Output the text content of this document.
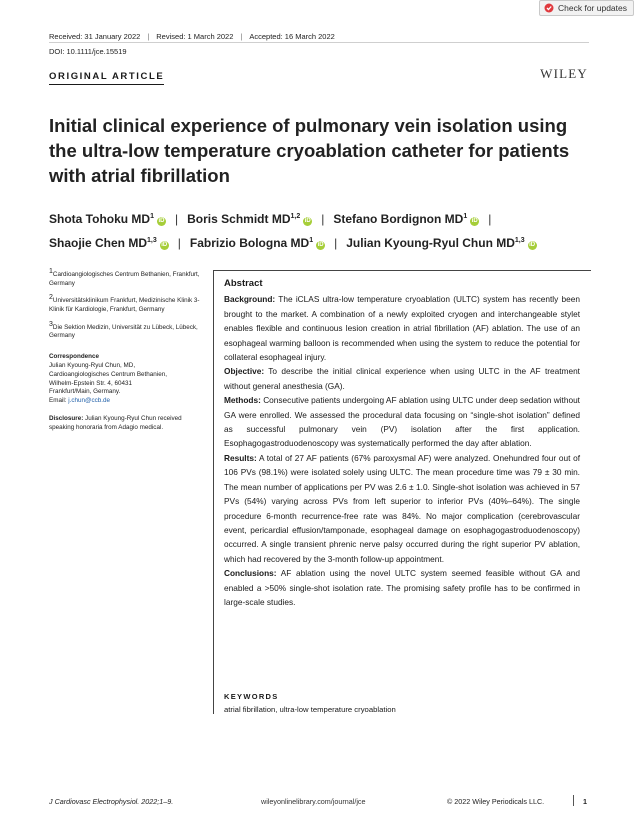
Check for updates
Received: 31 January 2022 | Revised: 1 March 2022 | Accepted: 16 March 2022
DOI: 10.1111/jce.15519
ORIGINAL ARTICLE	WILEY
Initial clinical experience of pulmonary vein isolation using the ultra-low temperature cryoablation catheter for patients with atrial fibrillation
Shota Tohoku $MD^1iD$ | Boris Schmidt MD$^{1,2}$iD | Stefano Bordignon $MD^1iD$ |
Shaojie Chen MD$^{1,3}$iD | Fabrizio Bologna $MD^1iD$ | Julian Kyoung-Ryul Chun MD$^{1,3}$iD

$^1$Cardioangiologisches Centrum Bethanien, Frankfurt, Germany

$^2$Universitätsklinikum Frankfurt, Medizinische Klinik 3- Klinik für Kardiologie, Frankfurt, Germany

$^3$Die Sektion Medizin, Universität zu Lübeck, Lübeck, Germany

Correspondence
Julian Kyoung-Ryul Chun, MD,
Cardioangiologisches Centrum Bethanien,
Wilhelm-Epstein Str. 4, 60431
Frankfurt/Main, Germany.
Email: j.chun@ccb.de

Disclosure: Julian Kyoung-Ryul Chun received speaking honoraria from Adagio medical.

Abstract

Background: The iCLAS ultra-low temperature cryoablation (ULTC) system has recently been brought to the market. A combination of a newly exploited cryogen and interchangeable stylet enables flexible and continuous lesion creation in atrial fibrillation (AF) ablation. The use of an esophageal warming balloon is recommended when using the system to reduce the potential for collateral esophageal injury.

Objective: To describe the initial clinical experience when using ULTC in the AF treatment without general anesthesia (GA).

Methods: Consecutive patients undergoing AF ablation using ULTC under deep sedation without GA were enrolled. We assessed the procedural data focusing on “single-shot isolation” defined as successful pulmonary vein (PV) isolation after the first application. Esophagogastroduodenoscopy was systematically performed the day after ablation.

Results: A total of 27 AF patients (67% paroxysmal AF) were analyzed. Onehundred four out of 106 PVs (98.1%) were isolated solely using ULTC. The mean procedure time was 79 ± 30 min. The mean number of applications per PV was 2.6 ± 1.0. Single-shot isolation was achieved in 57 PVs (54%) varying across PVs from left superior to inferior PVs (40%–64%). The single procedure 6-month recurrence-free rate was 84%. No major complication (cerebrovascular event, pericardial effusion/tamponade, esophageal damage on esophagogastroduodenoscopy) occurred. A single transient phrenic nerve palsy occurred during the right superior PV ablation, which had recovered by the 3-month follow-up appointment.

Conclusions: AF ablation using the novel ULTC system seemed feasible without GA and enabled a >50% single-shot isolation rate. The promising safety profile has to be confirmed in large-scale studies.

KEYWORDS
atrial fibrillation, ultra-low temperature cryoablation
J Cardiovasc Electrophysiol. 2022;1–9.	wileyonlinelibrary.com/journal/jce	© 2022 Wiley Periodicals LLC.	1
